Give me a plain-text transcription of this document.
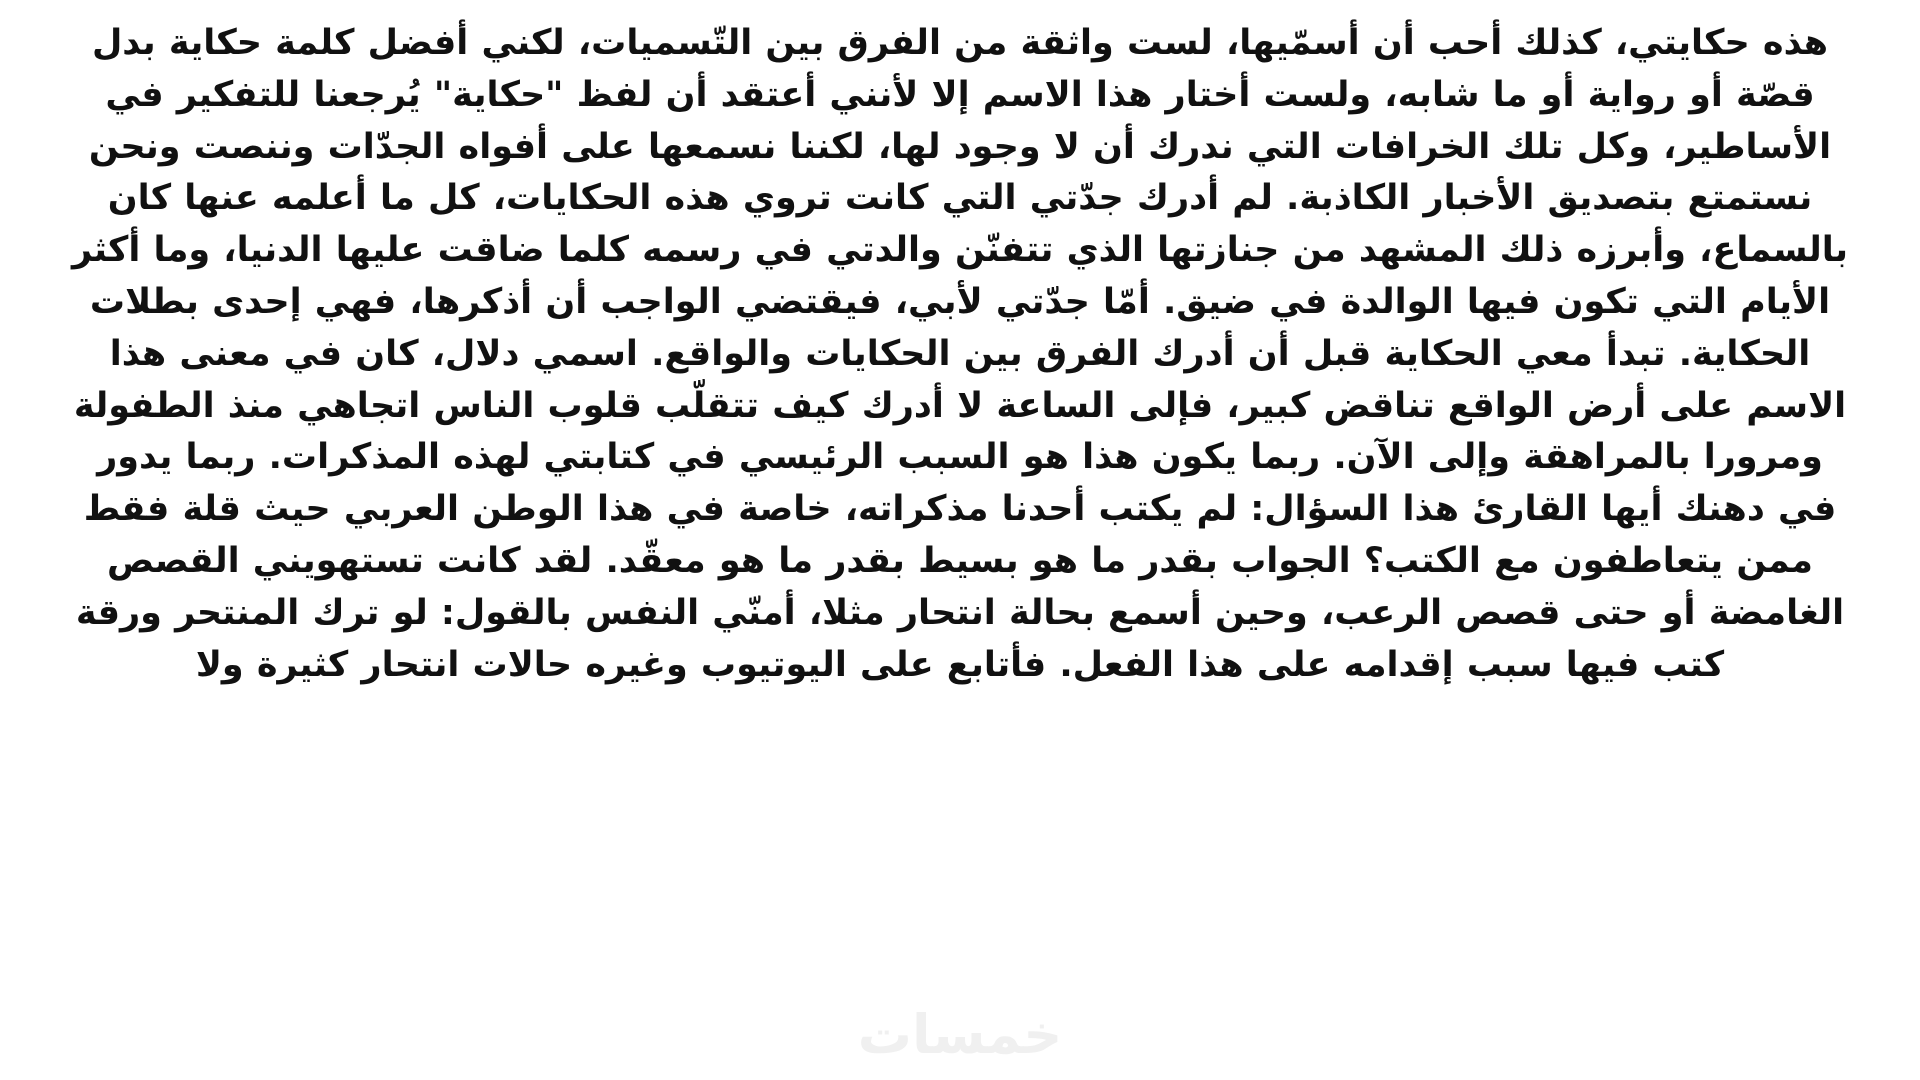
هذه حكايتي، كذلك أحب أن أسمّيها، لست واثقة من الفرق بين التّسميات، لكني أفضل كلمة حكاية بدل قصّة أو رواية أو ما شابه، ولست أختار هذا الاسم إلا لأنني أعتقد أن لفظ "حكاية" يُرجعنا للتفكير في الأساطير، وكل تلك الخرافات التي ندرك أن لا وجود لها، لكننا نسمعها على أفواه الجدّات وننصت ونحن نستمتع بتصديق الأخبار الكاذبة. لم أدرك جدّتي التي كانت تروي هذه الحكايات، كل ما أعلمه عنها كان بالسماع، وأبرزه ذلك المشهد من جنازتها الذي تتفنّن والدتي في رسمه كلما ضاقت عليها الدنيا، وما أكثر الأيام التي تكون فيها الوالدة في ضيق. أمّا جدّتي لأبي، فيقتضي الواجب أن أذكرها، فهي إحدى بطلات الحكاية. تبدأ معي الحكاية قبل أن أدرك الفرق بين الحكايات والواقع. اسمي دلال، كان في معنى هذا الاسم على أرض الواقع تناقض كبير، فإلى الساعة لا أدرك كيف تتقلّب قلوب الناس اتجاهي منذ الطفولة ومرورا بالمراهقة وإلى الآن. ربما يكون هذا هو السبب الرئيسي في كتابتي لهذه المذكرات. ربما يدور في دهنك أيها القارئ هذا السؤال: لم يكتب أحدنا مذكراته، خاصة في هذا الوطن العربي حيث قلة فقط ممن يتعاطفون مع الكتب؟ الجواب بقدر ما هو بسيط بقدر ما هو معقّد. لقد كانت تستهويني القصص الغامضة أو حتى قصص الرعب، وحين أسمع بحالة انتحار مثلا، أمنّي النفس بالقول: لو ترك المنتحر ورقة كتب فيها سبب إقدامه على هذا الفعل. فأتابع على اليوتيوب وغيره حالات انتحار كثيرة ولا
خمسات
